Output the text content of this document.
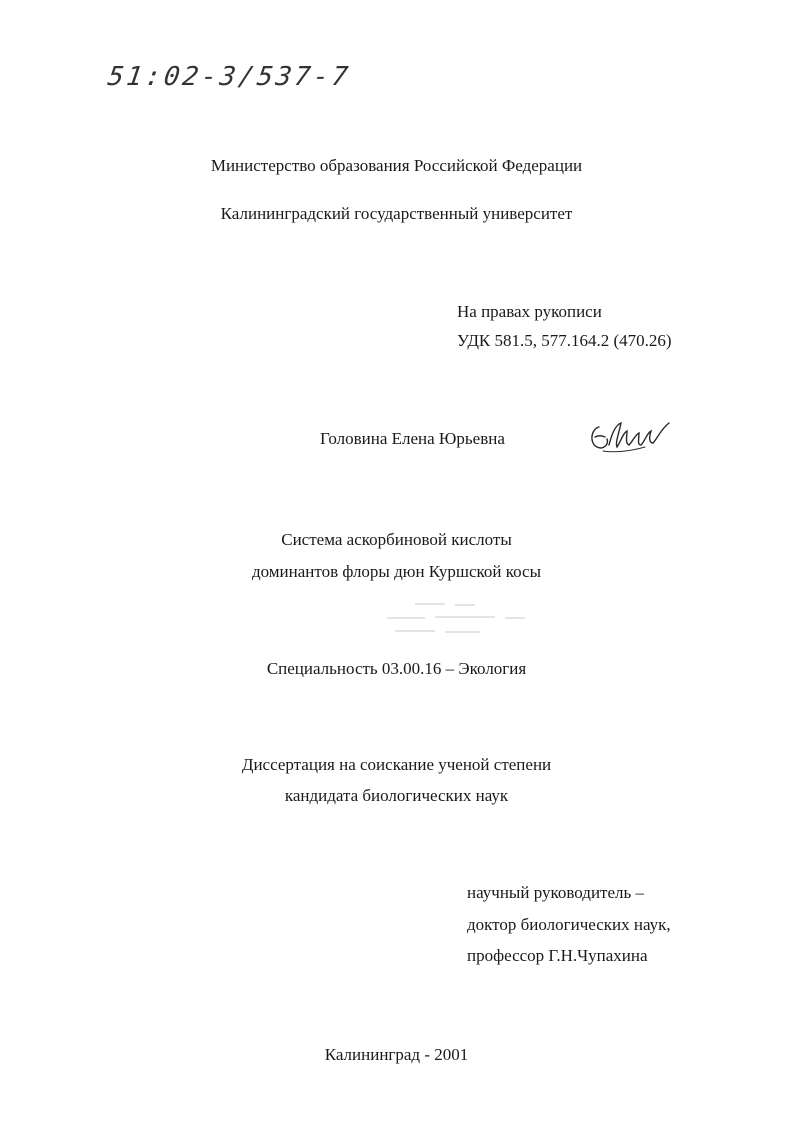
51:02-3/537-7
Министерство образования Российской Федерации
Калининградский государственный университет
На правах рукописи
УДК 581.5, 577.164.2 (470.26)
Головина Елена Юрьевна
Система аскорбиновой кислоты
доминантов флоры дюн Куршской косы
Специальность 03.00.16 – Экология
Диссертация на соискание ученой степени
кандидата биологических наук
научный руководитель –
доктор биологических наук,
профессор Г.Н.Чупахина
Калининград - 2001
